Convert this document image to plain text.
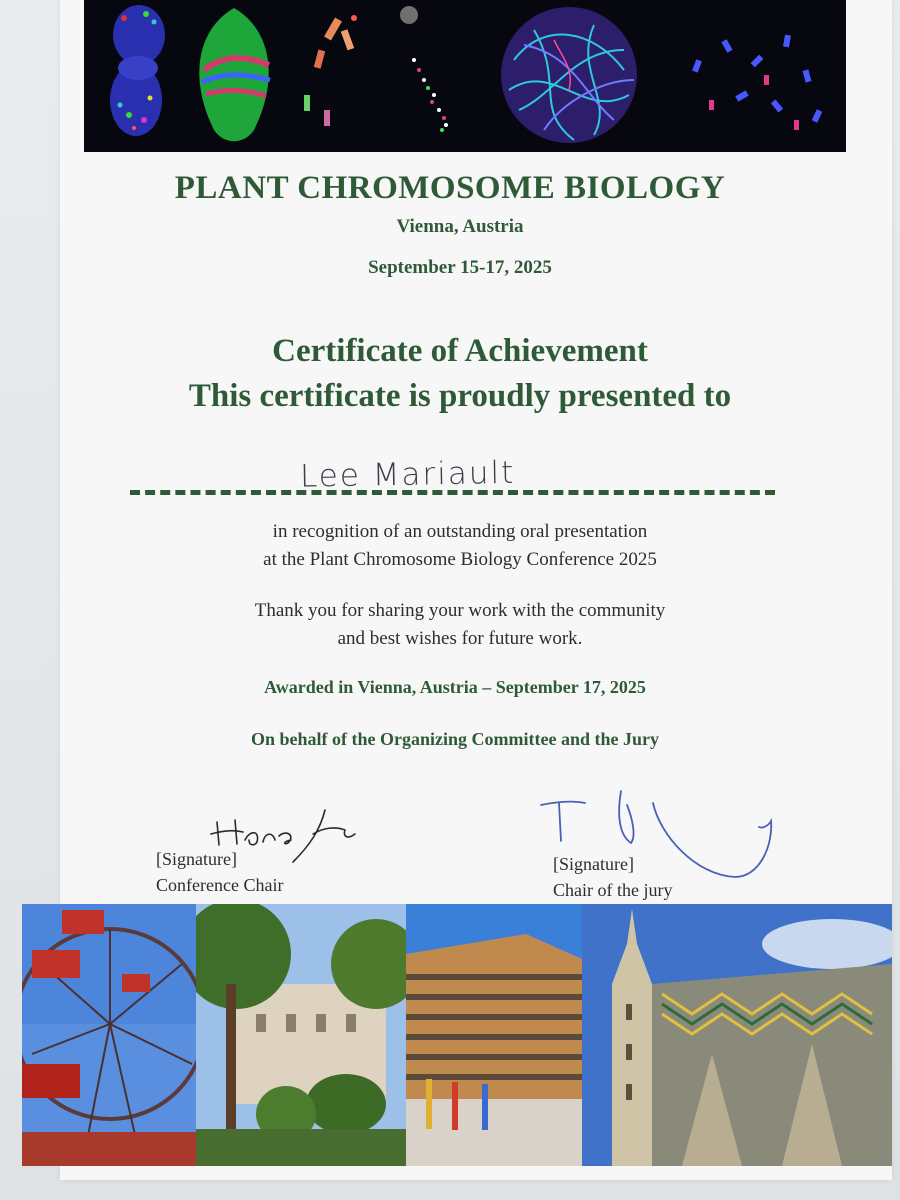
PLANT CHROMOSOME BIOLOGY
Vienna, Austria
September 15-17, 2025
Certificate of Achievement
This certificate is proudly presented to
Lee Mariault
in recognition of an outstanding oral presentation
at the Plant Chromosome Biology Conference 2025
Thank you for sharing your work with the community
and best wishes for future work.
Awarded in Vienna, Austria – September 17, 2025
On behalf of the Organizing Committee and the Jury
[Signature]
Conference Chair
[Signature]
Chair of the jury
